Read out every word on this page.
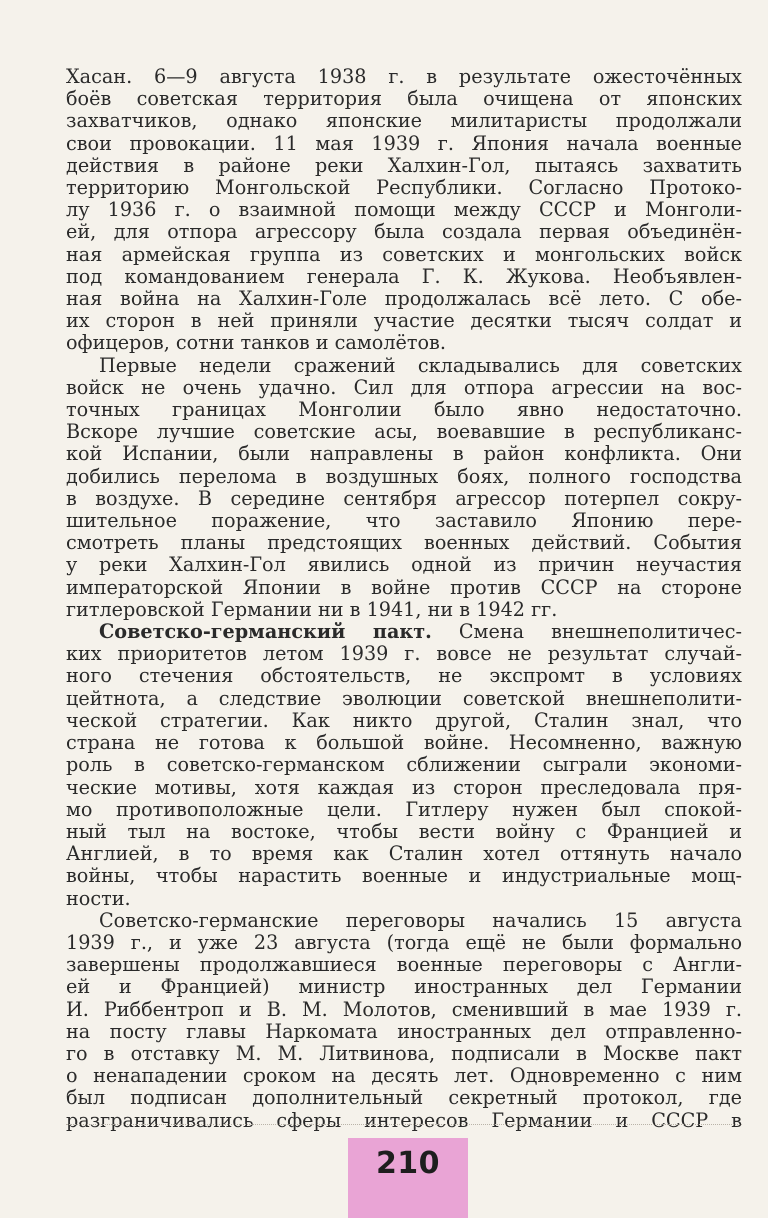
Хасан. 6—9 августа 1938 г. в результате ожесточённых
боёв советская территория была очищена от японских
захватчиков, однако японские милитаристы продолжали
свои провокации. 11 мая 1939 г. Япония начала военные
действия в районе реки Халхин-Гол, пытаясь захватить
территорию Монгольской Республики. Согласно Протоко-
лу 1936 г. о взаимной помощи между СССР и Монголи-
ей, для отпора агрессору была создала первая объединён-
ная армейская группа из советских и монгольских войск
под командованием генерала Г. К. Жукова. Необъявлен-
ная война на Халхин-Голе продолжалась всё лето. С обе-
их сторон в ней приняли участие десятки тысяч солдат и
офицеров, сотни танков и самолётов.
Первые недели сражений складывались для советских
войск не очень удачно. Сил для отпора агрессии на вос-
точных границах Монголии было явно недостаточно.
Вскоре лучшие советские асы, воевавшие в республиканс-
кой Испании, были направлены в район конфликта. Они
добились перелома в воздушных боях, полного господства
в воздухе. В середине сентября агрессор потерпел сокру-
шительное поражение, что заставило Японию пере-
смотреть планы предстоящих военных действий. События
у реки Халхин-Гол явились одной из причин неучастия
императорской Японии в войне против СССР на стороне
гитлеровской Германии ни в 1941, ни в 1942 гг.
Советско-германский пакт. Смена внешнеполитичес-
ких приоритетов летом 1939 г. вовсе не результат случай-
ного стечения обстоятельств, не экспромт в условиях
цейтнота, а следствие эволюции советской внешнеполити-
ческой стратегии. Как никто другой, Сталин знал, что
страна не готова к большой войне. Несомненно, важную
роль в советско-германском сближении сыграли экономи-
ческие мотивы, хотя каждая из сторон преследовала пря-
мо противоположные цели. Гитлеру нужен был спокой-
ный тыл на востоке, чтобы вести войну с Францией и
Англией, в то время как Сталин хотел оттянуть начало
войны, чтобы нарастить военные и индустриальные мощ-
ности.
Советско-германские переговоры начались 15 августа
1939 г., и уже 23 августа (тогда ещё не были формально
завершены продолжавшиеся военные переговоры с Англи-
ей и Францией) министр иностранных дел Германии
И. Риббентроп и В. М. Молотов, сменивший в мае 1939 г.
на посту главы Наркомата иностранных дел отправленно-
го в отставку М. М. Литвинова, подписали в Москве пакт
о ненападении сроком на десять лет. Одновременно с ним
был подписан дополнительный секретный протокол, где
разграничивались сферы интересов Германии и СССР в
210
